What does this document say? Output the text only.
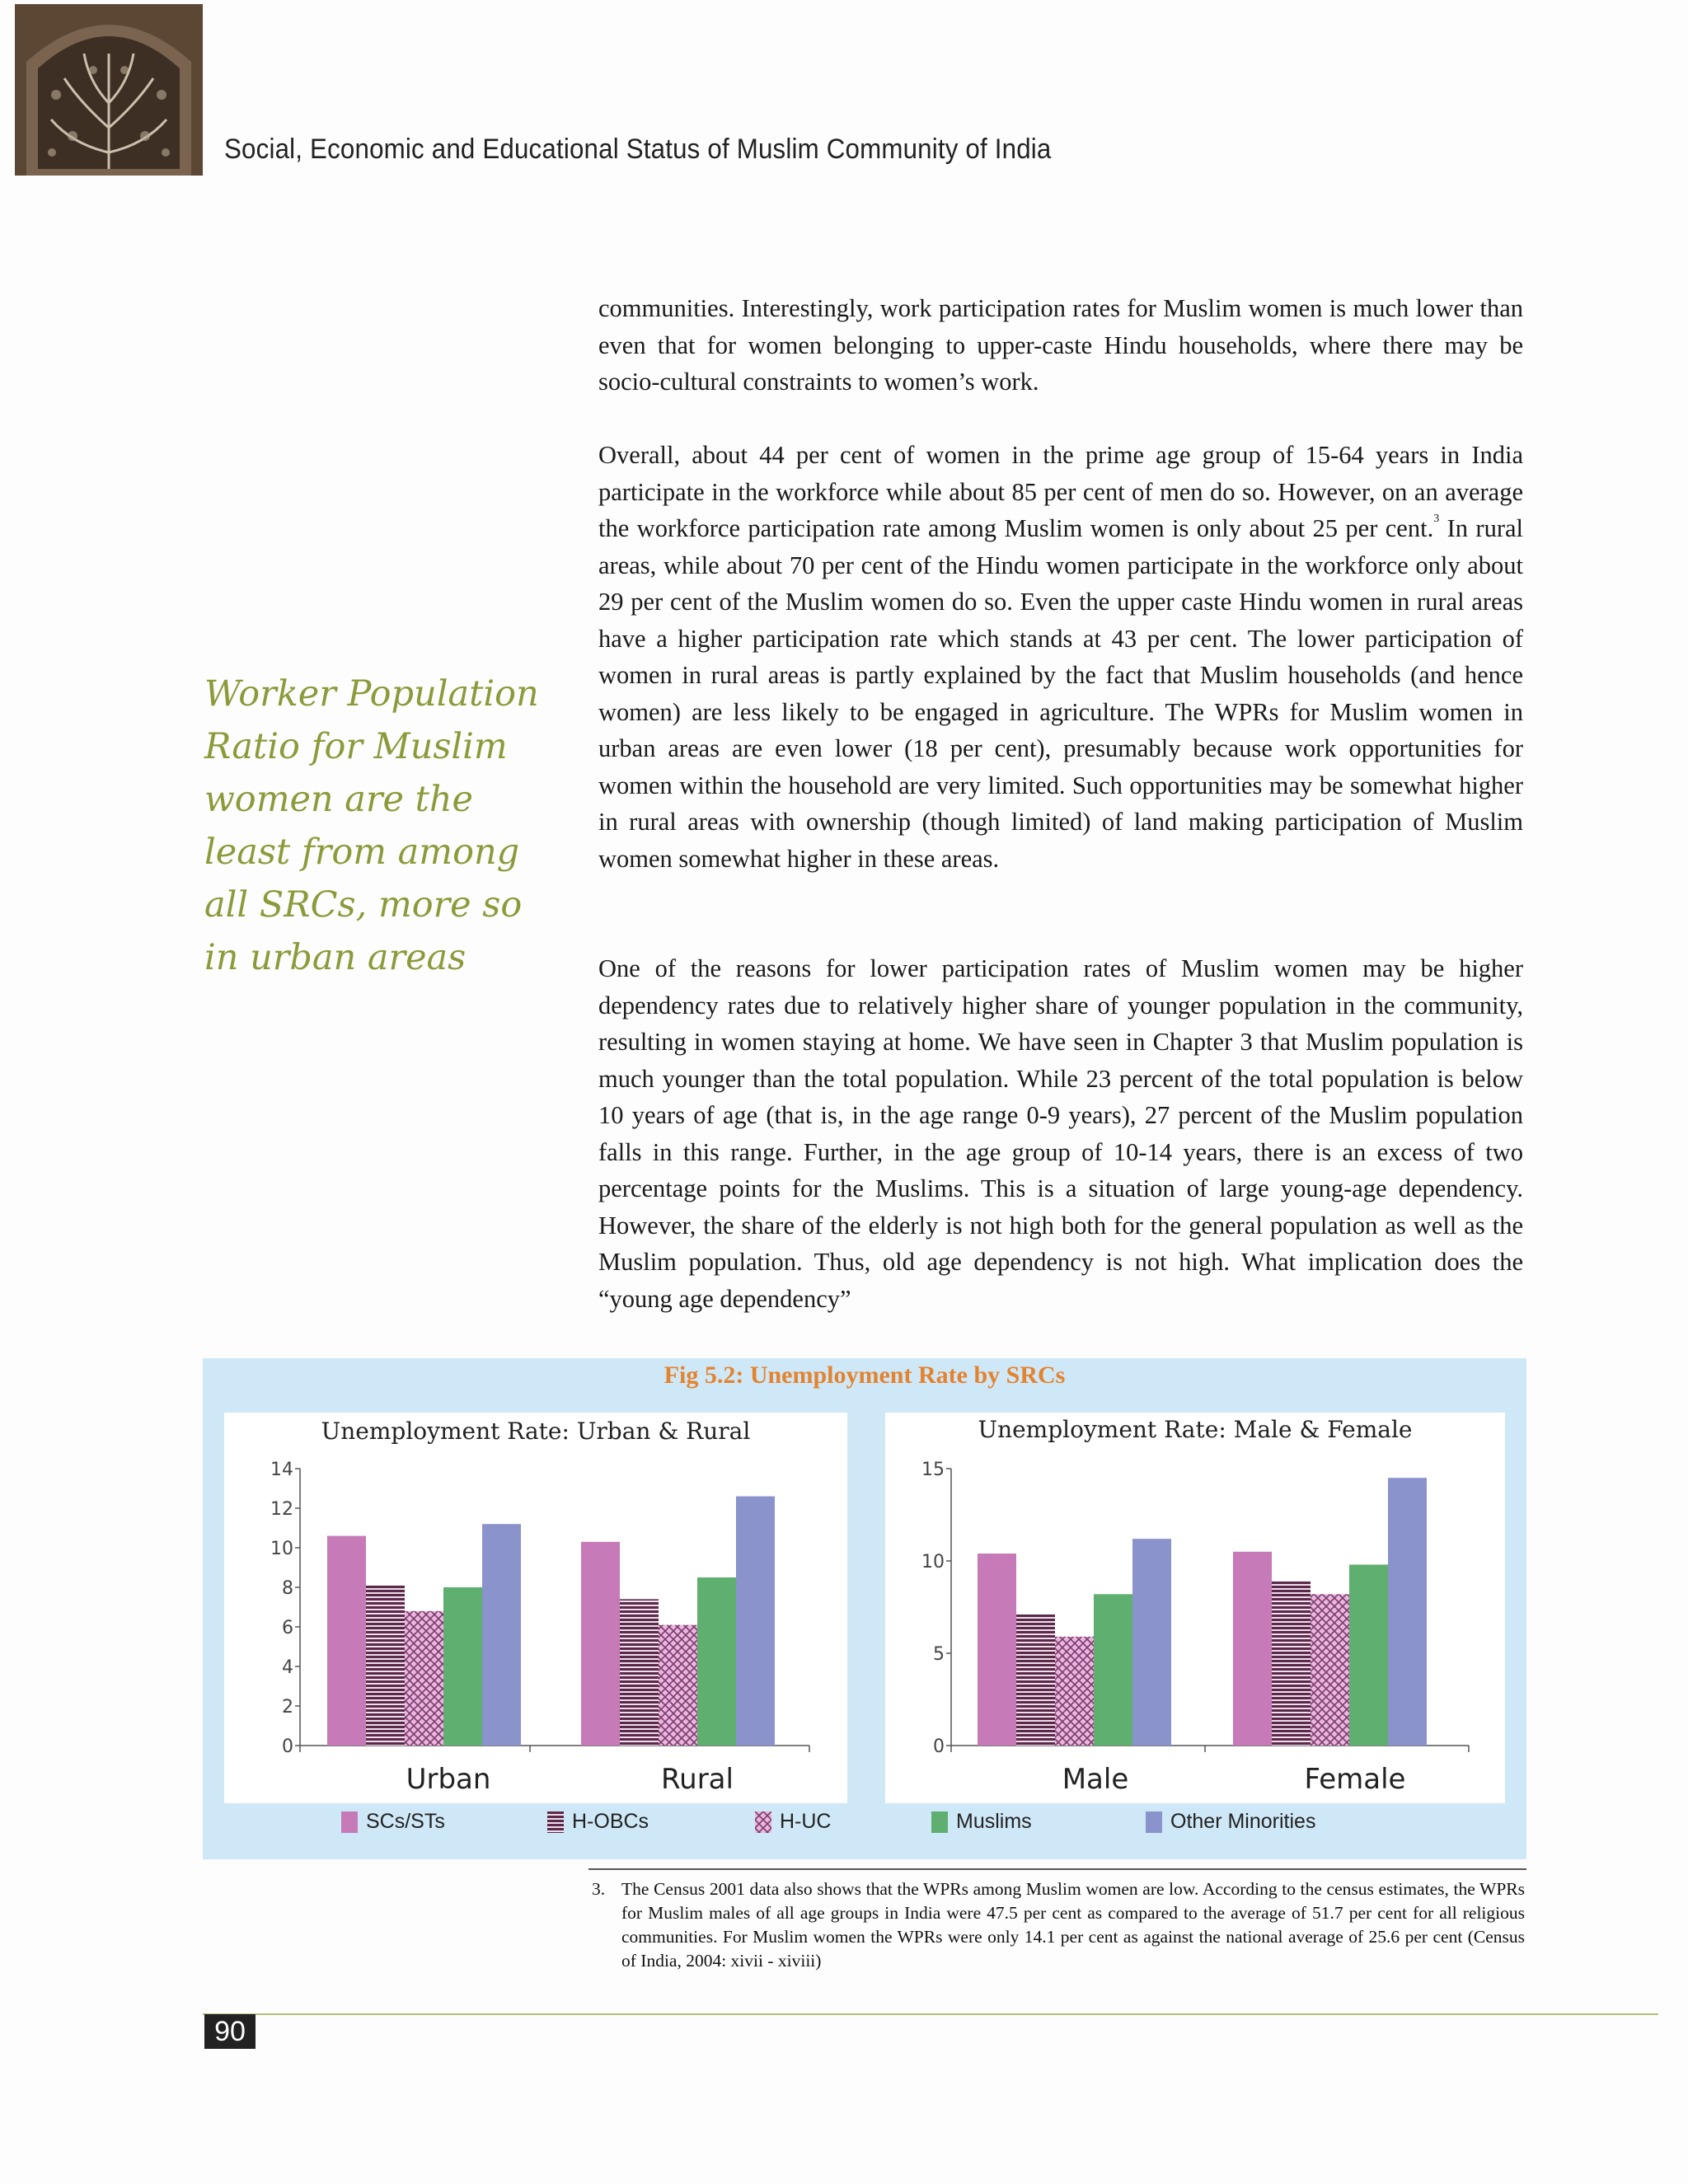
Social, Economic and Educational Status of Muslim Community of India

communities. Interestingly, work participation rates for Muslim women is much lower than even that for women belonging to upper-caste Hindu households, where there may be socio-cultural constraints to women’s work.

Overall, about 44 per cent of women in the prime age group of 15-64 years in India participate in the workforce while about 85 per cent of men do so. However, on an average the workforce participation rate among Muslim women is only about 25 per cent.$^3$ In rural areas, while about 70 per cent of the Hindu women participate in the workforce only about 29 per cent of the Muslim women do so. Even the upper caste Hindu women in rural areas have a higher participation rate which stands at 43 per cent. The lower participation of women in rural areas is partly explained by the fact that Muslim households (and hence women) are less likely to be engaged in agriculture. The WPRs for Muslim women in urban areas are even lower (18 per cent), presumably because work opportunities for women within the household are very limited. Such opportunities may be somewhat higher in rural areas with ownership (though limited) of land making participation of Muslim women somewhat higher in these areas.

One of the reasons for lower participation rates of Muslim women may be higher dependency rates due to relatively higher share of younger population in the community, resulting in women staying at home. We have seen in Chapter 3 that Muslim population is much younger than the total population. While 23 percent of the total population is below 10 years of age (that is, in the age range 0-9 years), 27 percent of the Muslim population falls in this range. Further, in the age group of 10-14 years, there is an excess of two percentage points for the Muslims. This is a situation of large young-age dependency. However, the share of the elderly is not high both for the general population as well as the Muslim population. Thus, old age dependency is not high. What implication does the “young age dependency”

Worker Population Ratio for Muslim women are the least from among all SRCs, more so in urban areas

Fig 5.2: Unemployment Rate by SRCs
Unemployment Rate: Urban & Rural
0
2
4
6
8
10
12
14
Urban	Rural
Unemployment Rate: Male & Female
0
5
10
15
Male	Female
SCs/STs	H-OBCs	H-UC	Muslims	Other Minorities
3. The Census 2001 data also shows that the WPRs among Muslim women are low. According to the census estimates, the WPRs for Muslim males of all age groups in India were 47.5 per cent as compared to the average of 51.7 per cent for all religious communities. For Muslim women the WPRs were only 14.1 per cent as against the national average of 25.6 per cent (Census of India, 2004: xivii - xiviii)
90
